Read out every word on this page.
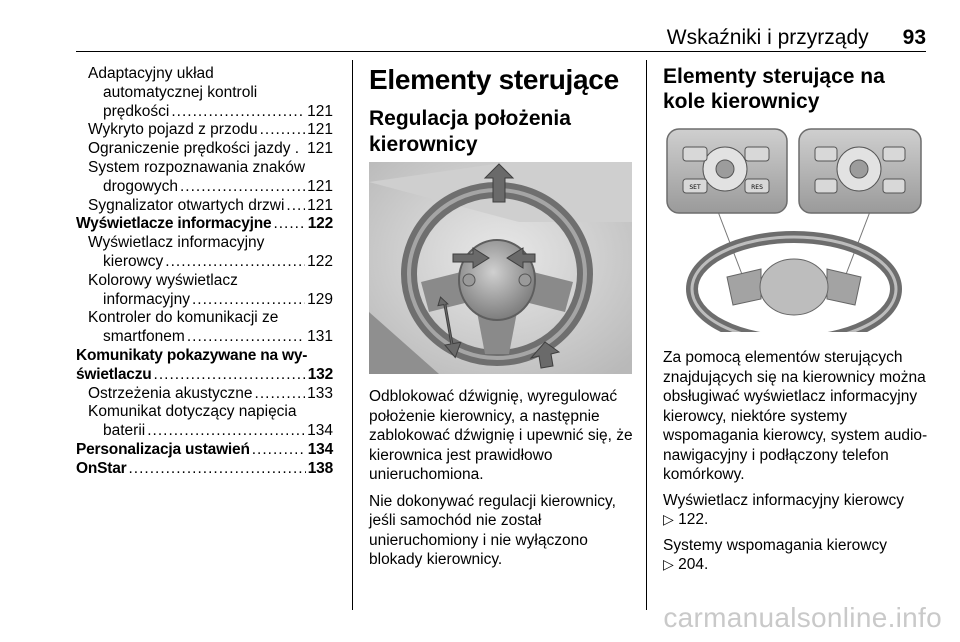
Wskaźniki i przyrządy 93
Adaptacyjny układ
automatycznej kontroli
prędkości .....	121
Wykryto pojazd z przodu .....	121
Ograniczenie prędkości jazdy . 121
System rozpoznawania znaków
drogowych .....	121
Sygnalizator otwartych drzwi ..... 121
Wyświetlacze informacyjne ..... 122
Wyświetlacz informacyjny
kierowcy .....	122
Kolorowy wyświetlacz
informacyjny .....	129
Kontroler do komunikacji ze
smartfonem .....	131
Komunikaty pokazywane na wy-
świetlaczu .....	132
Ostrzeżenia akustyczne .....	133
Komunikat dotyczący napięcia
baterii .....	134
Personalizacja ustawień .....	134
OnStar .....	138
Elementy sterujące
Regulacja położenia kierownicy

Odblokować dźwignię, wyregulować położenie kierownicy, a następnie zablokować dźwignię i upewnić się, że kierownica jest prawidłowo unieruchomiona.

Nie dokonywać regulacji kierownicy, jeśli samochód nie został unieruchomiony i nie wyłączono blokady kierownicy.

Elementy sterujące na kole kierownicy
SET	RES

Za pomocą elementów sterujących znajdujących się na kierownicy można obsługiwać wyświetlacz informacyjny kierowcy, niektóre systemy wspomagania kierowcy, system audio-nawigacyjny i podłączony telefon komórkowy.

Wyświetlacz informacyjny kierowcy
▷ 122.

Systemy wspomagania kierowcy
▷ 204.

carmanualsonline.info
